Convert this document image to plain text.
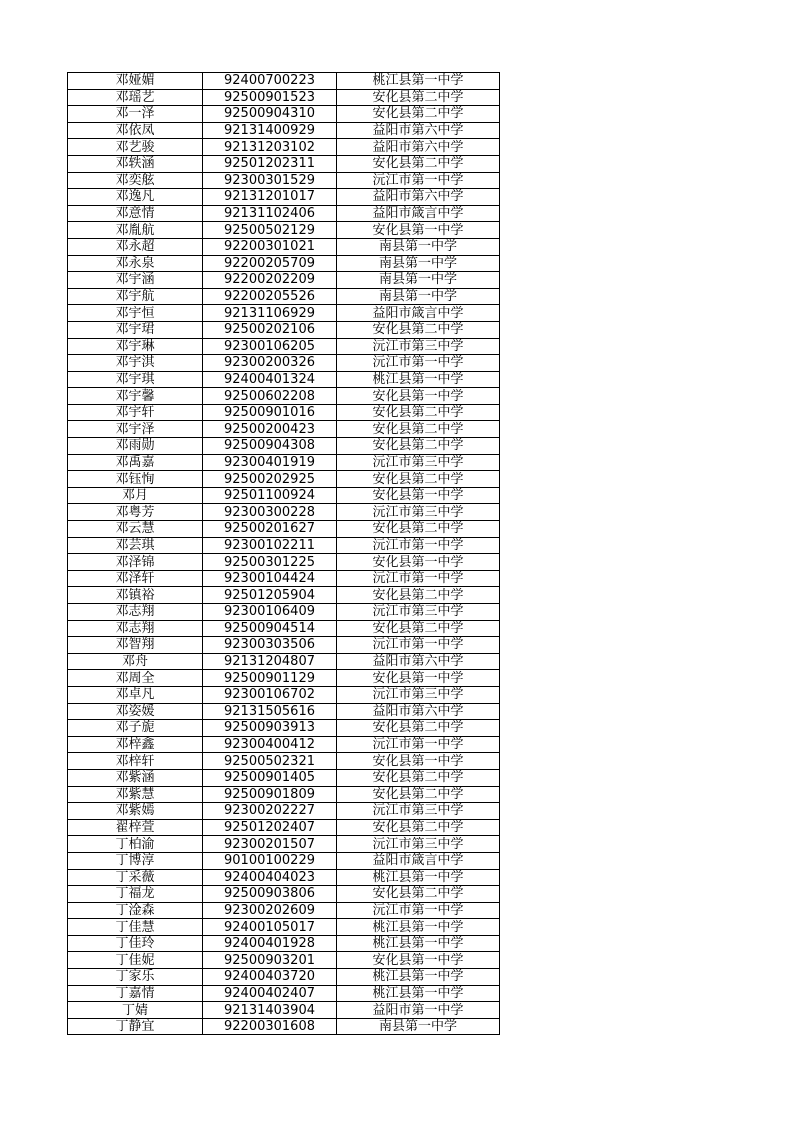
邓娅媚	92400700223	桃江县第一中学
邓瑶艺	92500901523	安化县第二中学
邓一泽	92500904310	安化县第二中学
邓依凤	92131400929	益阳市第六中学
邓艺骏	92131203102	益阳市第六中学
邓轶涵	92501202311	安化县第二中学
邓奕舷	92300301529	沅江市第一中学
邓逸凡	92131201017	益阳市第六中学
邓意情	92131102406	益阳市箴言中学
邓胤航	92500502129	安化县第一中学
邓永超	92200301021	南县第一中学
邓永泉	92200205709	南县第一中学
邓宇涵	92200202209	南县第一中学
邓宇航	92200205526	南县第一中学
邓宇恒	92131106929	益阳市箴言中学
邓宇珺	92500202106	安化县第二中学
邓宇琳	92300106205	沅江市第三中学
邓宇淇	92300200326	沅江市第一中学
邓宇琪	92400401324	桃江县第一中学
邓宇馨	92500602208	安化县第一中学
邓宇轩	92500901016	安化县第二中学
邓宇泽	92500200423	安化县第二中学
邓雨勋	92500904308	安化县第二中学
邓禹嘉	92300401919	沅江市第三中学
邓钰恂	92500202925	安化县第二中学
邓月	92501100924	安化县第一中学
邓粤芳	92300300228	沅江市第三中学
邓云慧	92500201627	安化县第二中学
邓芸琪	92300102211	沅江市第一中学
邓泽锦	92500301225	安化县第一中学
邓泽轩	92300104424	沅江市第一中学
邓镇裕	92501205904	安化县第二中学
邓志翔	92300106409	沅江市第三中学
邓志翔	92500904514	安化县第二中学
邓智翔	92300303506	沅江市第一中学
邓舟	92131204807	益阳市第六中学
邓周全	92500901129	安化县第一中学
邓卓凡	92300106702	沅江市第三中学
邓姿媛	92131505616	益阳市第六中学
邓子旎	92500903913	安化县第二中学
邓梓鑫	92300400412	沅江市第一中学
邓梓轩	92500502321	安化县第一中学
邓紫涵	92500901405	安化县第二中学
邓紫慧	92500901809	安化县第二中学
邓紫嫣	92300202227	沅江市第三中学
翟梓萱	92501202407	安化县第二中学
丁柏渝	92300201507	沅江市第三中学
丁博淳	90100100229	益阳市箴言中学
丁采薇	92400404023	桃江县第一中学
丁福龙	92500903806	安化县第二中学
丁淦森	92300202609	沅江市第一中学
丁佳慧	92400105017	桃江县第一中学
丁佳玲	92400401928	桃江县第一中学
丁佳妮	92500903201	安化县第一中学
丁家乐	92400403720	桃江县第一中学
丁嘉情	92400402407	桃江县第一中学
丁婧	92131403904	益阳市第一中学
丁静宜	92200301608	南县第一中学
